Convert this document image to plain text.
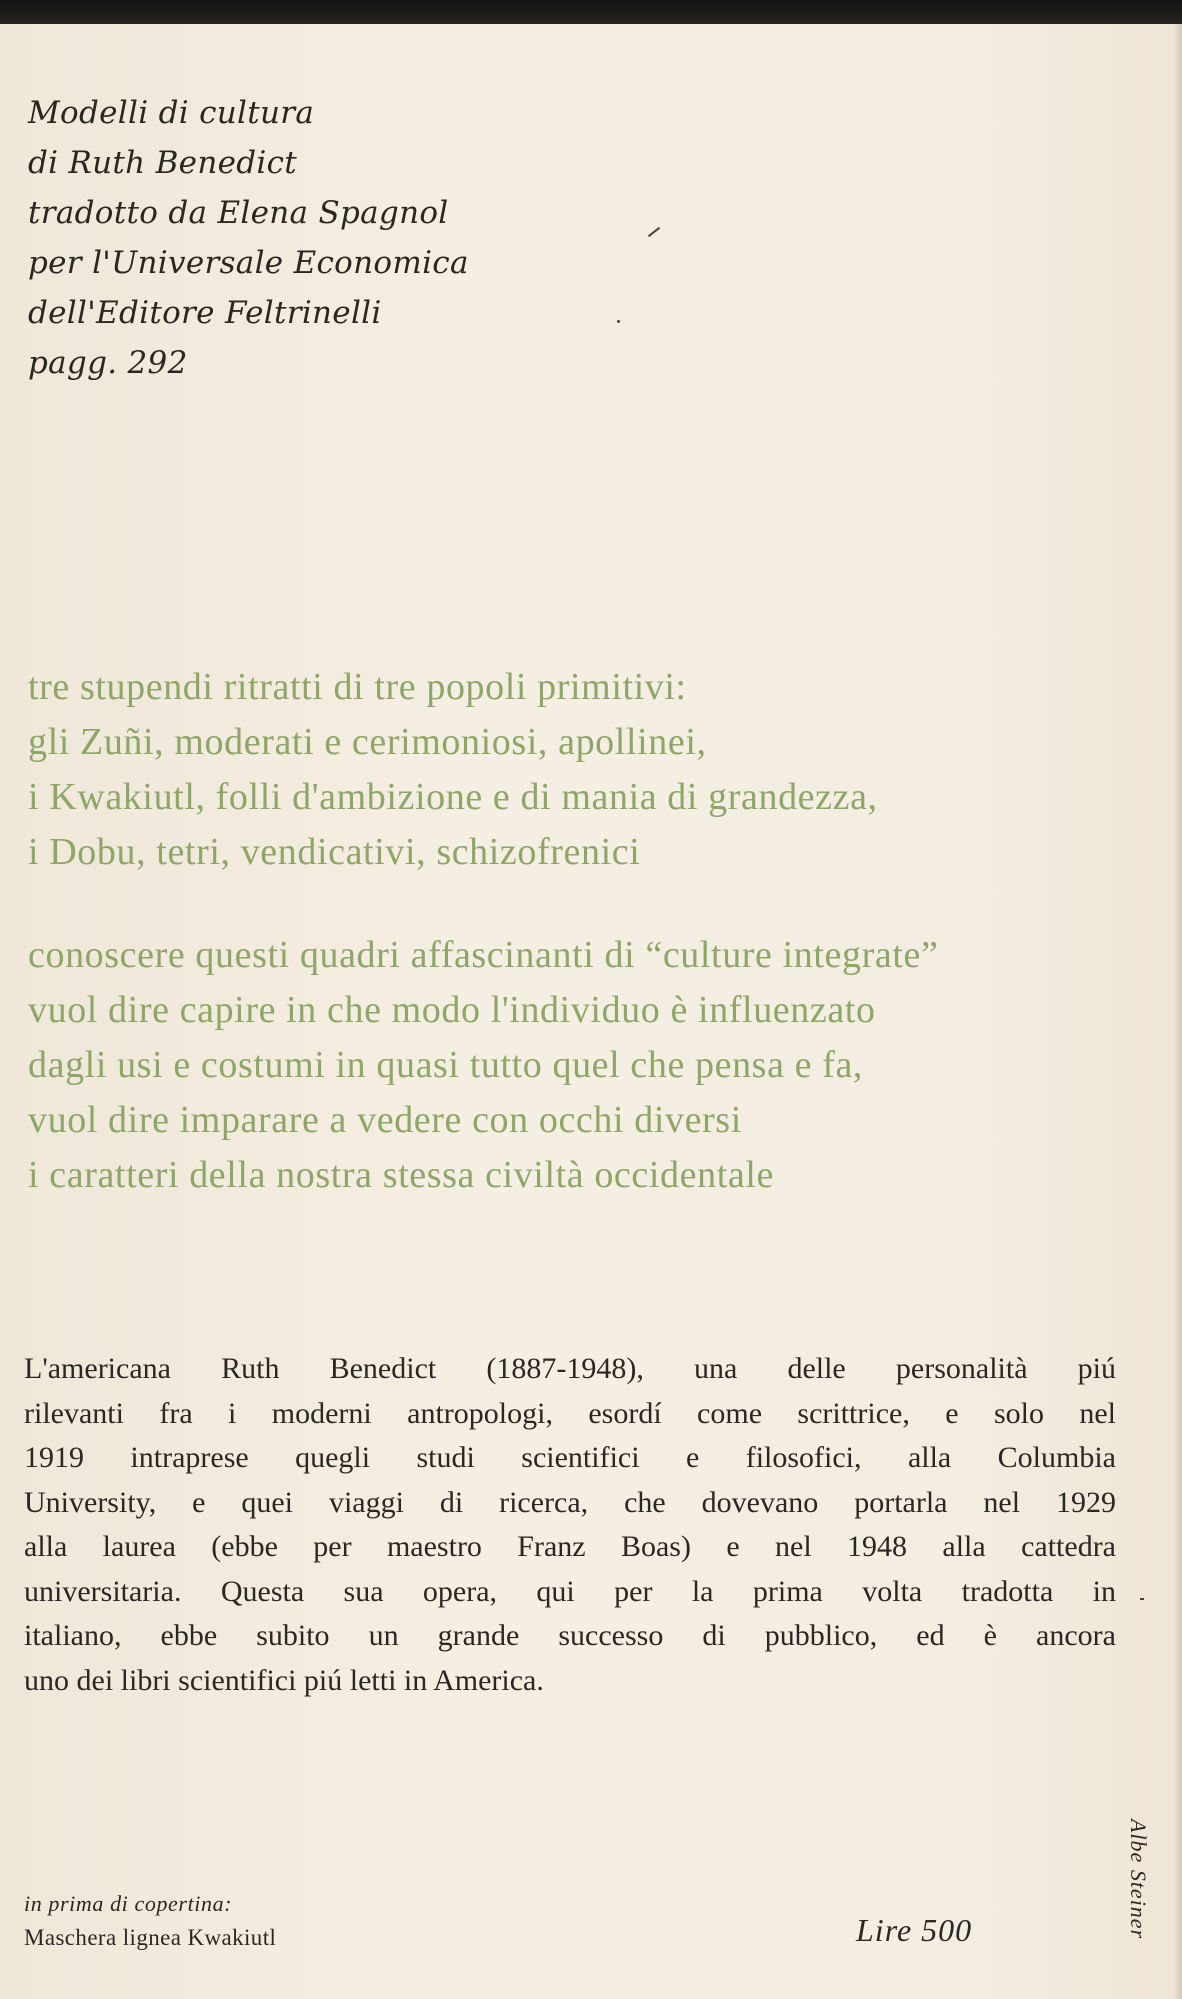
Modelli di cultura
di Ruth Benedict
tradotto da Elena Spagnol
per l'Universale Economica
dell'Editore Feltrinelli
pagg. 292
tre stupendi ritratti di tre popoli primitivi:
gli Zuñi, moderati e cerimoniosi, apollinei,
i Kwakiutl, folli d'ambizione e di mania di grandezza,
i Dobu, tetri, vendicativi, schizofrenici
conoscere questi quadri affascinanti di “culture integrate”
vuol dire capire in che modo l'individuo è influenzato
dagli usi e costumi in quasi tutto quel che pensa e fa,
vuol dire imparare a vedere con occhi diversi
i caratteri della nostra stessa civiltà occidentale
L'americana Ruth Benedict (1887-1948), una delle personalità piú
rilevanti fra i moderni antropologi, esordí come scrittrice, e solo nel
1919 intraprese quegli studi scientifici e filosofici, alla Columbia
University, e quei viaggi di ricerca, che dovevano portarla nel 1929
alla laurea (ebbe per maestro Franz Boas) e nel 1948 alla cattedra
universitaria. Questa sua opera, qui per la prima volta tradotta in
italiano, ebbe subito un grande successo di pubblico, ed è ancora
uno dei libri scientifici piú letti in America.
in prima di copertina:
Maschera lignea Kwakiutl	Lire 500	Albe Steiner
